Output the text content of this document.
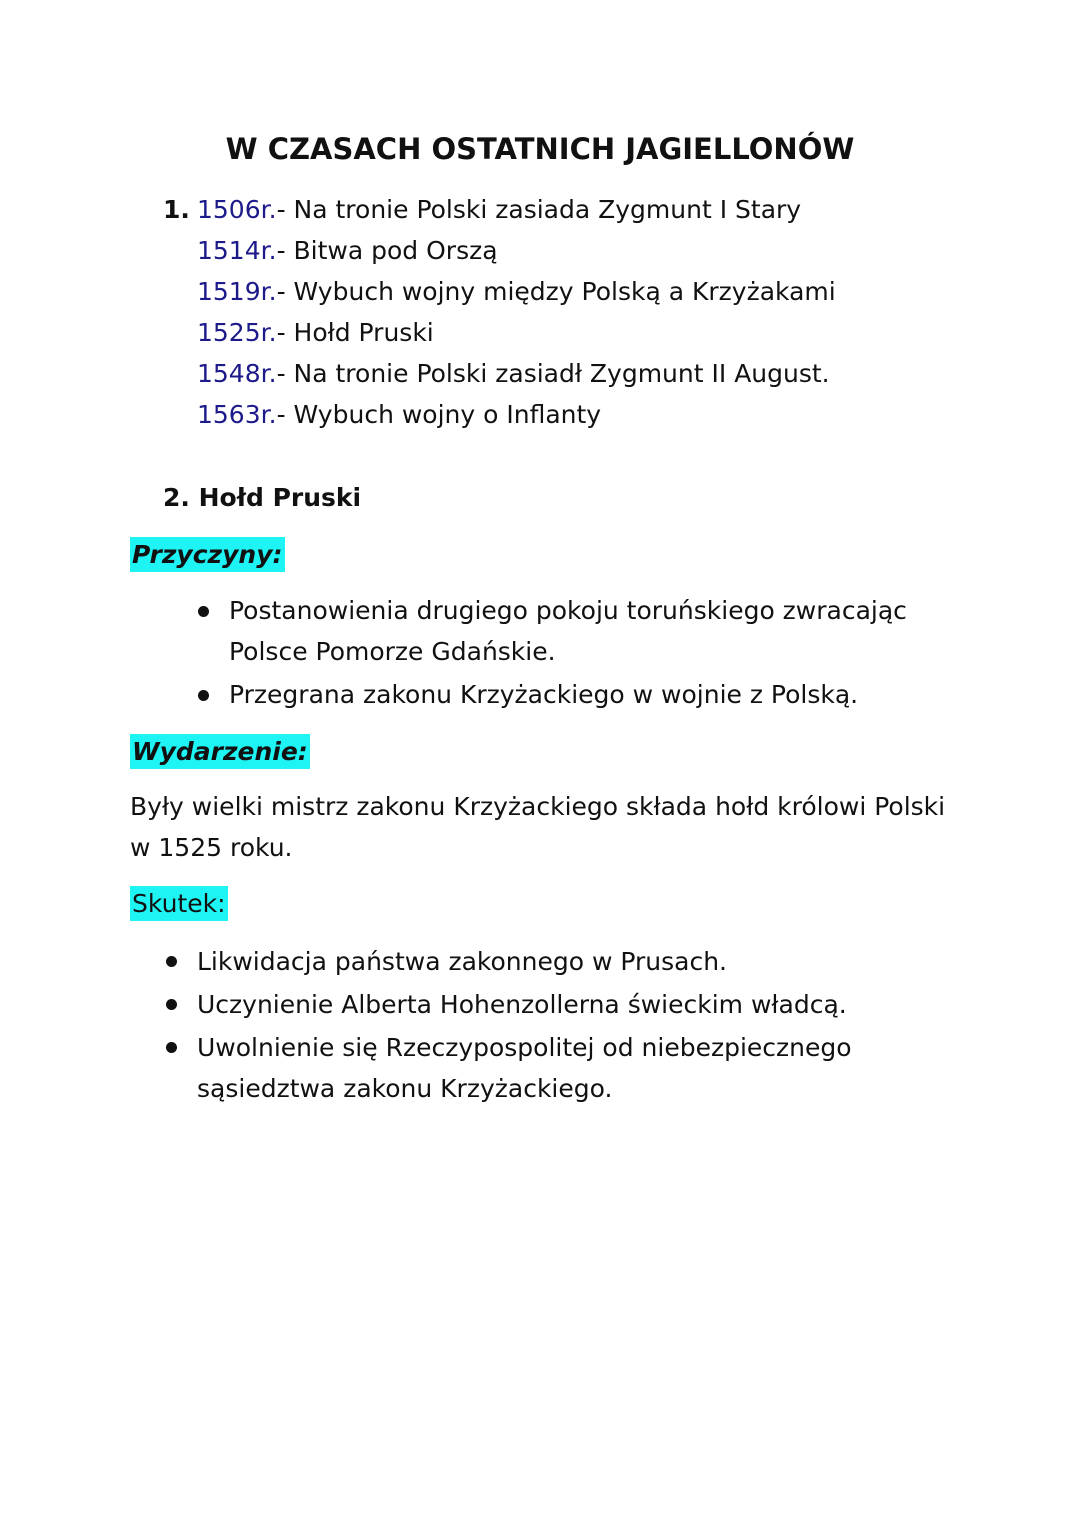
W CZASACH OSTATNICH JAGIELLONÓW
1. 1506r.- Na tronie Polski zasiada Zygmunt I Stary
1514r.- Bitwa pod Orszą
1519r.- Wybuch wojny między Polską a Krzyżakami
1525r.- Hołd Pruski
1548r.- Na tronie Polski zasiadł Zygmunt II August.
1563r.- Wybuch wojny o Inflanty
2. Hołd Pruski
Przyczyny:
Postanowienia drugiego pokoju toruńskiego zwracając
Polsce Pomorze Gdańskie.
Przegrana zakonu Krzyżackiego w wojnie z Polską.
Wydarzenie:
Były wielki mistrz zakonu Krzyżackiego składa hołd królowi Polski
w 1525 roku.
Skutek:
Likwidacja państwa zakonnego w Prusach.
Uczynienie Alberta Hohenzollerna świeckim władcą.
Uwolnienie się Rzeczypospolitej od niebezpiecznego
sąsiedztwa zakonu Krzyżackiego.
